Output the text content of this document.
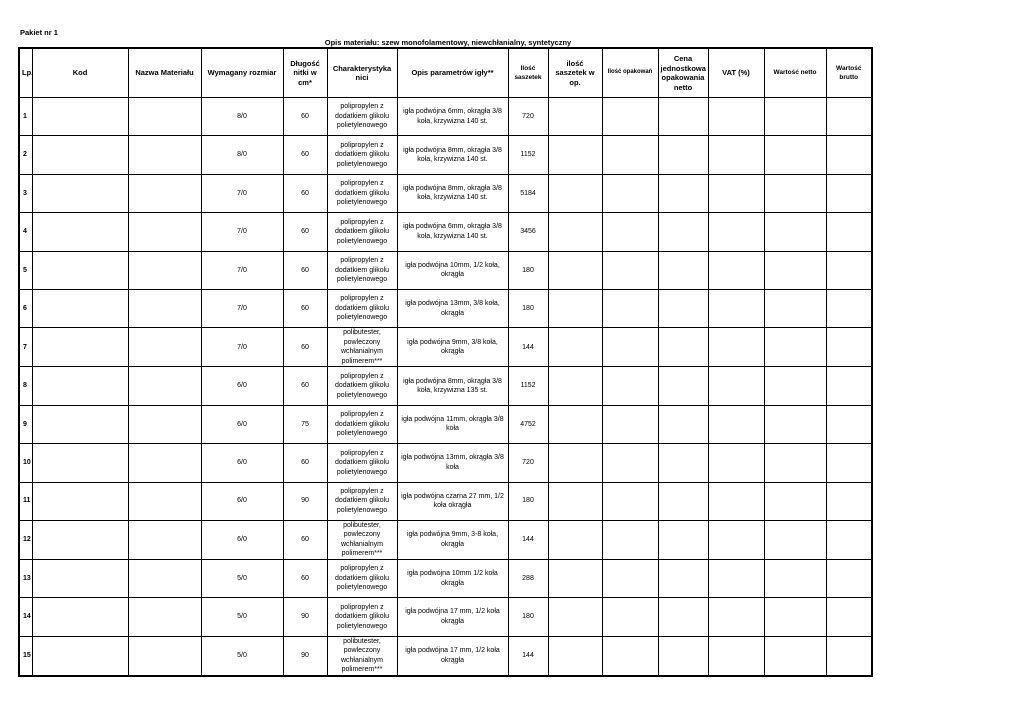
Pakiet nr 1
Opis materiału: szew monofolamentowy, niewchłanialny, syntetyczny
Lp.	Kod	Nazwa Materiału	Wymagany rozmiar	Długość nitki w cm*	Charakterystyka nici	Opis parametrów igły**	Ilość saszetek	ilość saszetek w op.	Ilość opakowań	Cena jednostkowa opakowania netto	VAT (%)	Wartość netto	Wartość brutto
1			8/0	60	polipropylen z dodatkiem glikolu polietylenowego	igła podwójna 6mm, okrągła 3/8 koła, krzywizna 140 st.	720						
2			8/0	60	polipropylen z dodatkiem glikolu polietylenowego	igła podwójna 8mm, okrągła 3/8 koła, krzywizna 140 st.	1152						
3			7/0	60	polipropylen z dodatkiem glikolu polietylenowego	igła podwójna 8mm, okrągła 3/8 koła, krzywizna 140 st.	5184						
4			7/0	60	polipropylen z dodatkiem glikolu polietylenowego	igła podwójna 6mm, okrągła 3/8 koła, krzywizna 140 st.	3456						
5			7/0	60	polipropylen z dodatkiem glikolu polietylenowego	igła podwójna 10mm, 1/2 koła, okrągła	180						
6			7/0	60	polipropylen z dodatkiem glikolu polietylenowego	igła podwójna 13mm, 3/8 koła, okrągła	180						
7			7/0	60	polibutester, powleczony wchłanialnym polimerem***	igła podwójna 9mm, 3/8 koła, okrągła	144						
8			6/0	60	polipropylen z dodatkiem glikolu polietylenowego	igła podwójna 8mm, okrągła 3/8 koła, krzywizna 135 st.	1152						
9			6/0	75	polipropylen z dodatkiem glikolu polietylenowego	igła podwójna 11mm, okrągła 3/8 koła	4752						
10			6/0	60	polipropylen z dodatkiem glikolu polietylenowego	igła podwójna 13mm, okrągła 3/8 koła	720						
11			6/0	90	polipropylen z dodatkiem glikolu polietylenowego	igła podwójna czarna 27 mm, 1/2 koła okrągła	180						
12			6/0	60	polibutester, powleczony wchłanialnym polimerem***	igła podwójna 9mm, 3-8 koła, okrągła	144						
13			5/0	60	polipropylen z dodatkiem glikolu polietylenowego	igła podwójna 10mm 1/2 koła okrągła	288						
14			5/0	90	polipropylen z dodatkiem glikolu polietylenowego	igła podwójna 17 mm, 1/2 koła okrągła	180						
15			5/0	90	polibutester, powleczony wchłanialnym polimerem***	igła podwójna 17 mm, 1/2 koła okrągła	144						
